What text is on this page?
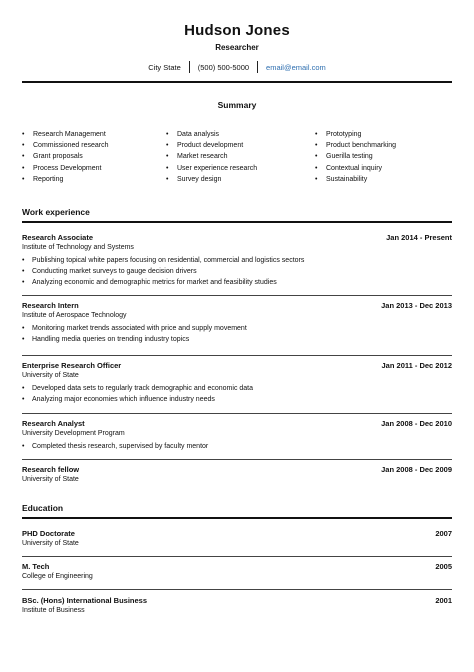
Hudson Jones
Researcher
City State	(500) 500-5000	email@email.com
Summary
• Research Management
• Commissioned research
• Grant proposals
• Process Development
• Reporting
• Data analysis
• Product development
• Market research
• User experience research
• Survey design
• Prototyping
• Product benchmarking
• Guerilla testing
• Contextual inquiry
• Sustainability
Work experience
Research Associate	Jan 2014 - Present
Institute of Technology and Systems
• Publishing topical white papers focusing on residential, commercial and logistics sectors
• Conducting market surveys to gauge decision drivers
• Analyzing economic and demographic metrics for market and feasibility studies
Research Intern	Jan 2013 - Dec 2013
Institute of Aerospace Technology
• Monitoring market trends associated with price and supply movement
• Handling media queries on trending industry topics
Enterprise Research Officer	Jan 2011 - Dec 2012
University of State
• Developed data sets to regularly track demographic and economic data
• Analyzing major economies which influence industry needs
Research Analyst	Jan 2008 - Dec 2010
University Development Program
• Completed thesis research, supervised by faculty mentor
Research fellow	Jan 2008 - Dec 2009
University of State
Education
PHD Doctorate	2007
University of State
M. Tech	2005
College of Engineering
BSc. (Hons) International Business	2001
Institute of Business
